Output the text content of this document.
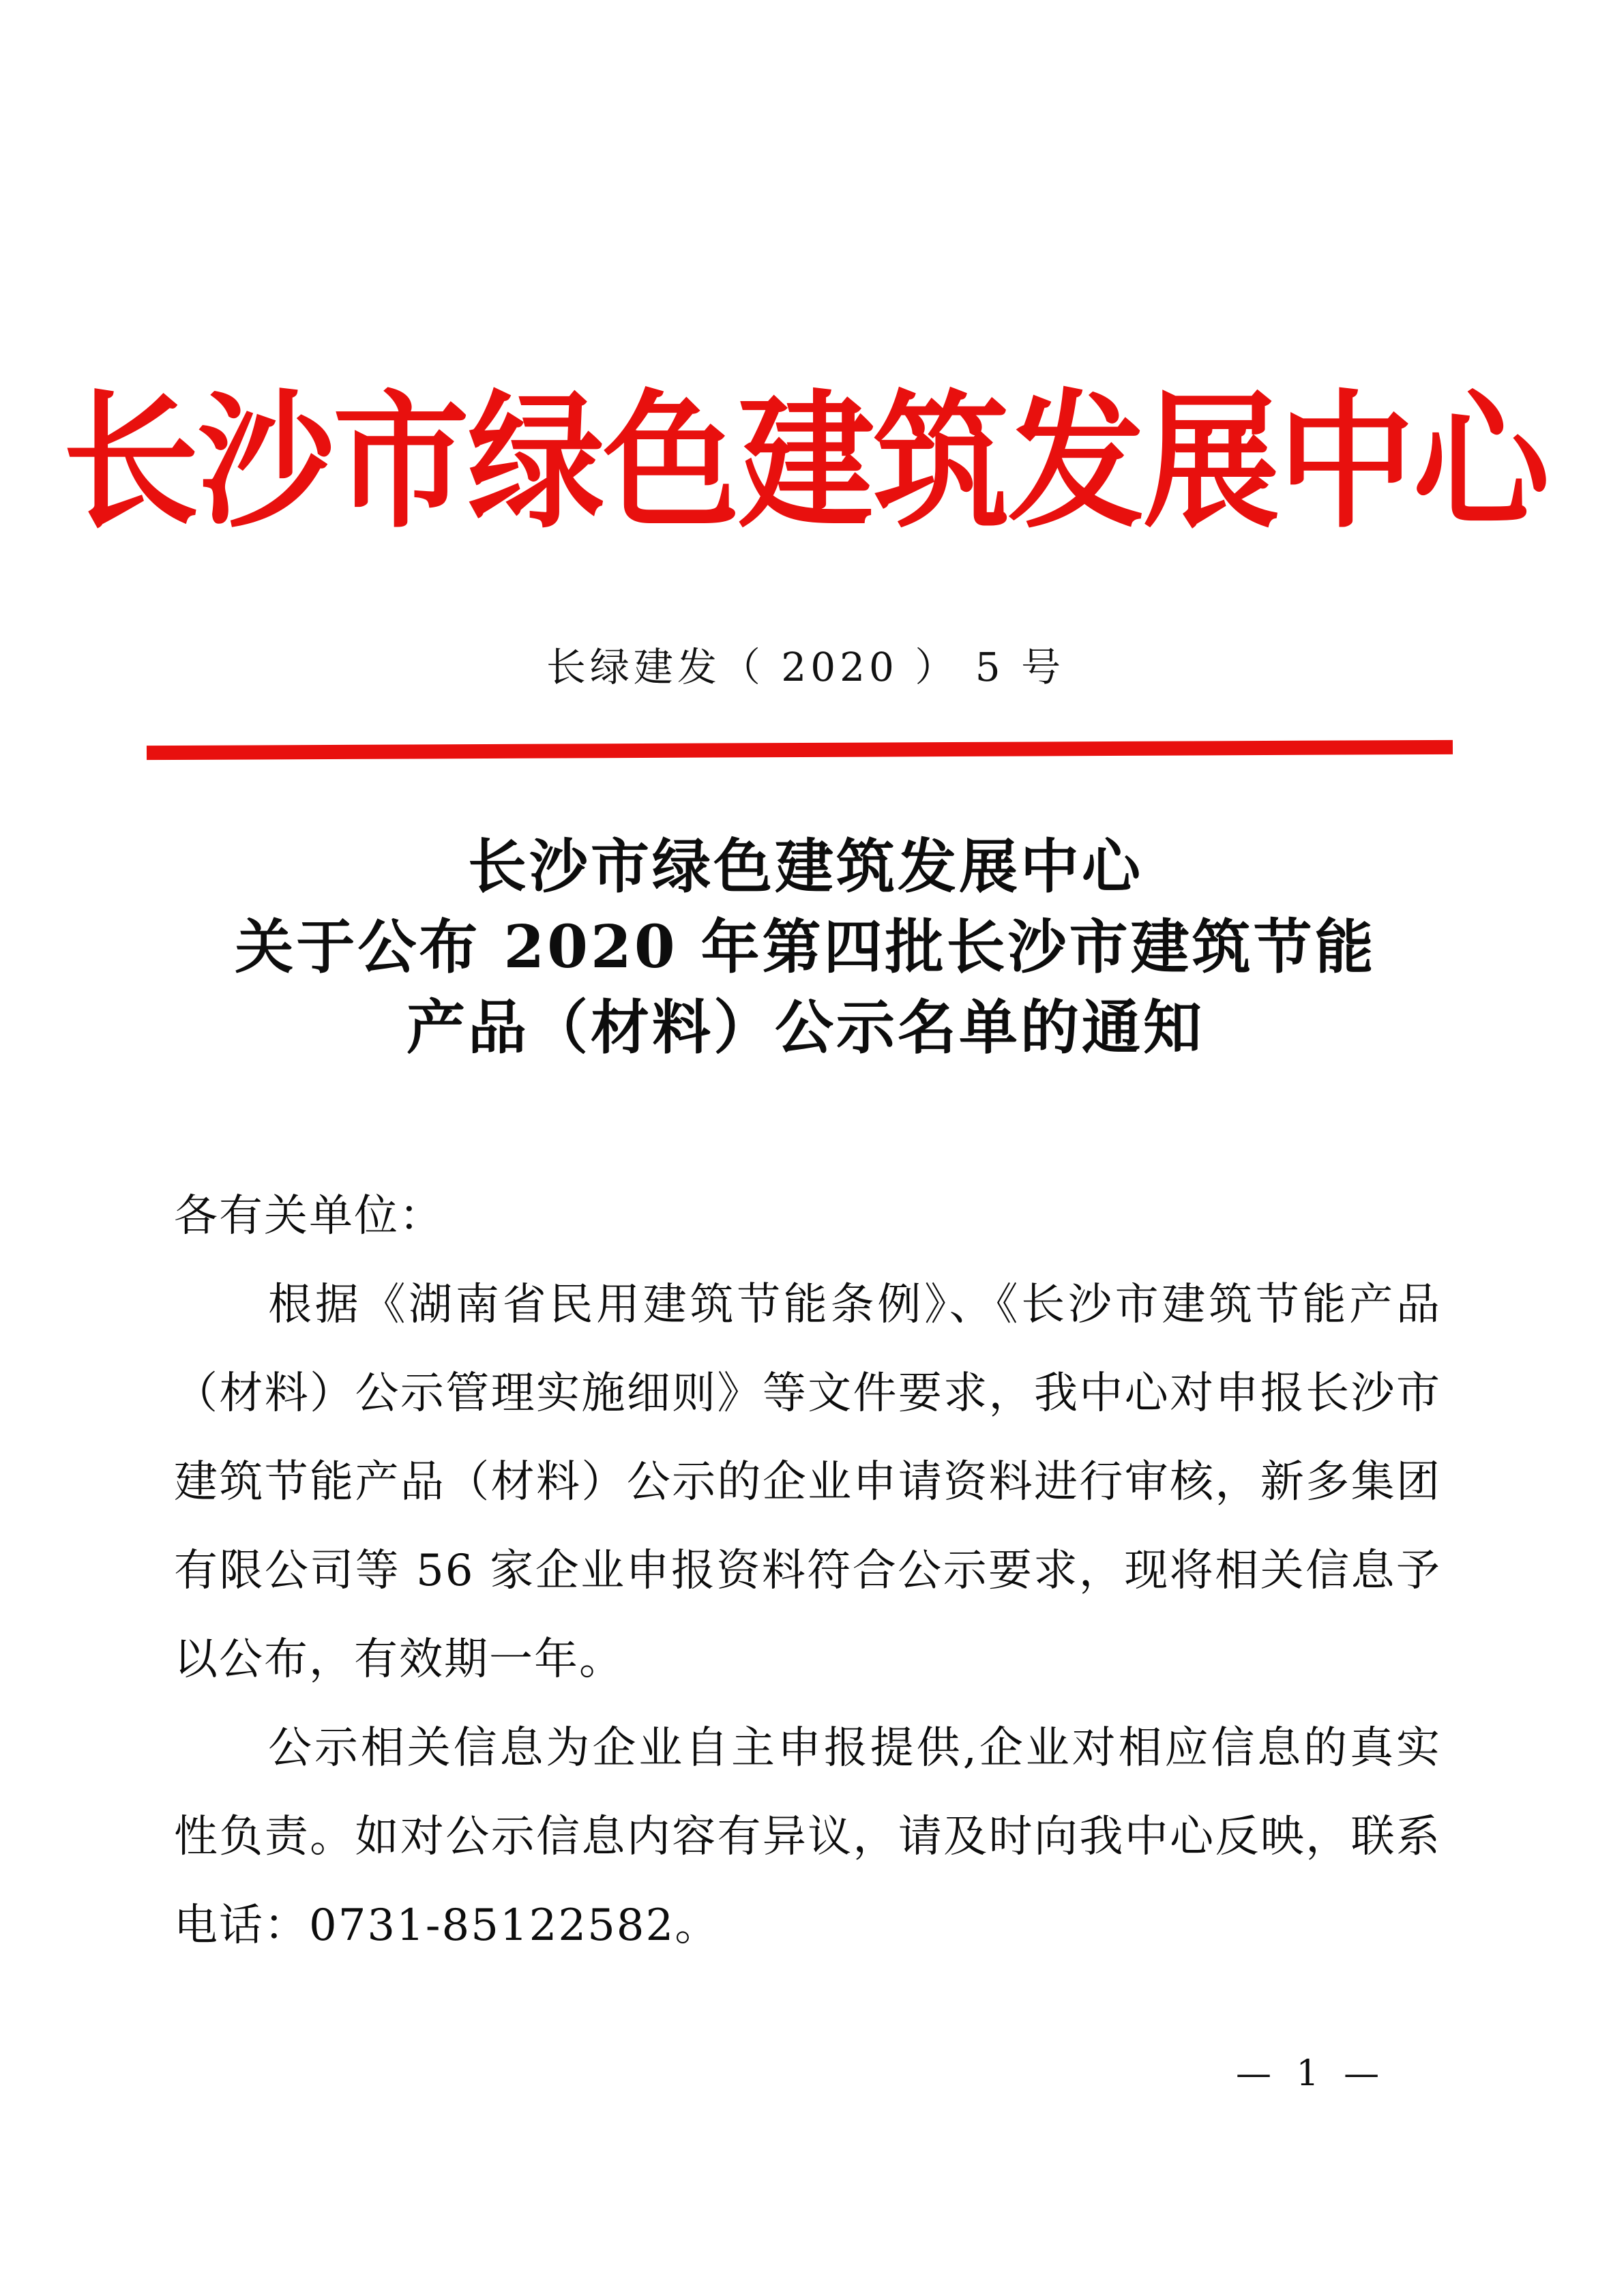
长沙市绿色建筑发展中心
长绿建发（ 2020 ） 5 号
长沙市绿色建筑发展中心
关于公布 2020 年第四批长沙市建筑节能
产品（材料）公示名单的通知
各有关单位：
根据《湖南省民用建筑节能条例》、《长沙市建筑节能产品
（材料）公示管理实施细则》等文件要求，我中心对申报长沙市
建筑节能产品（材料）公示的企业申请资料进行审核，新多集团
有限公司等 56 家企业申报资料符合公示要求，现将相关信息予
以公布，有效期一年。
公示相关信息为企业自主申报提供,企业对相应信息的真实
性负责。如对公示信息内容有异议，请及时向我中心反映，联系
电话：0731-85122582。
— 1 —
